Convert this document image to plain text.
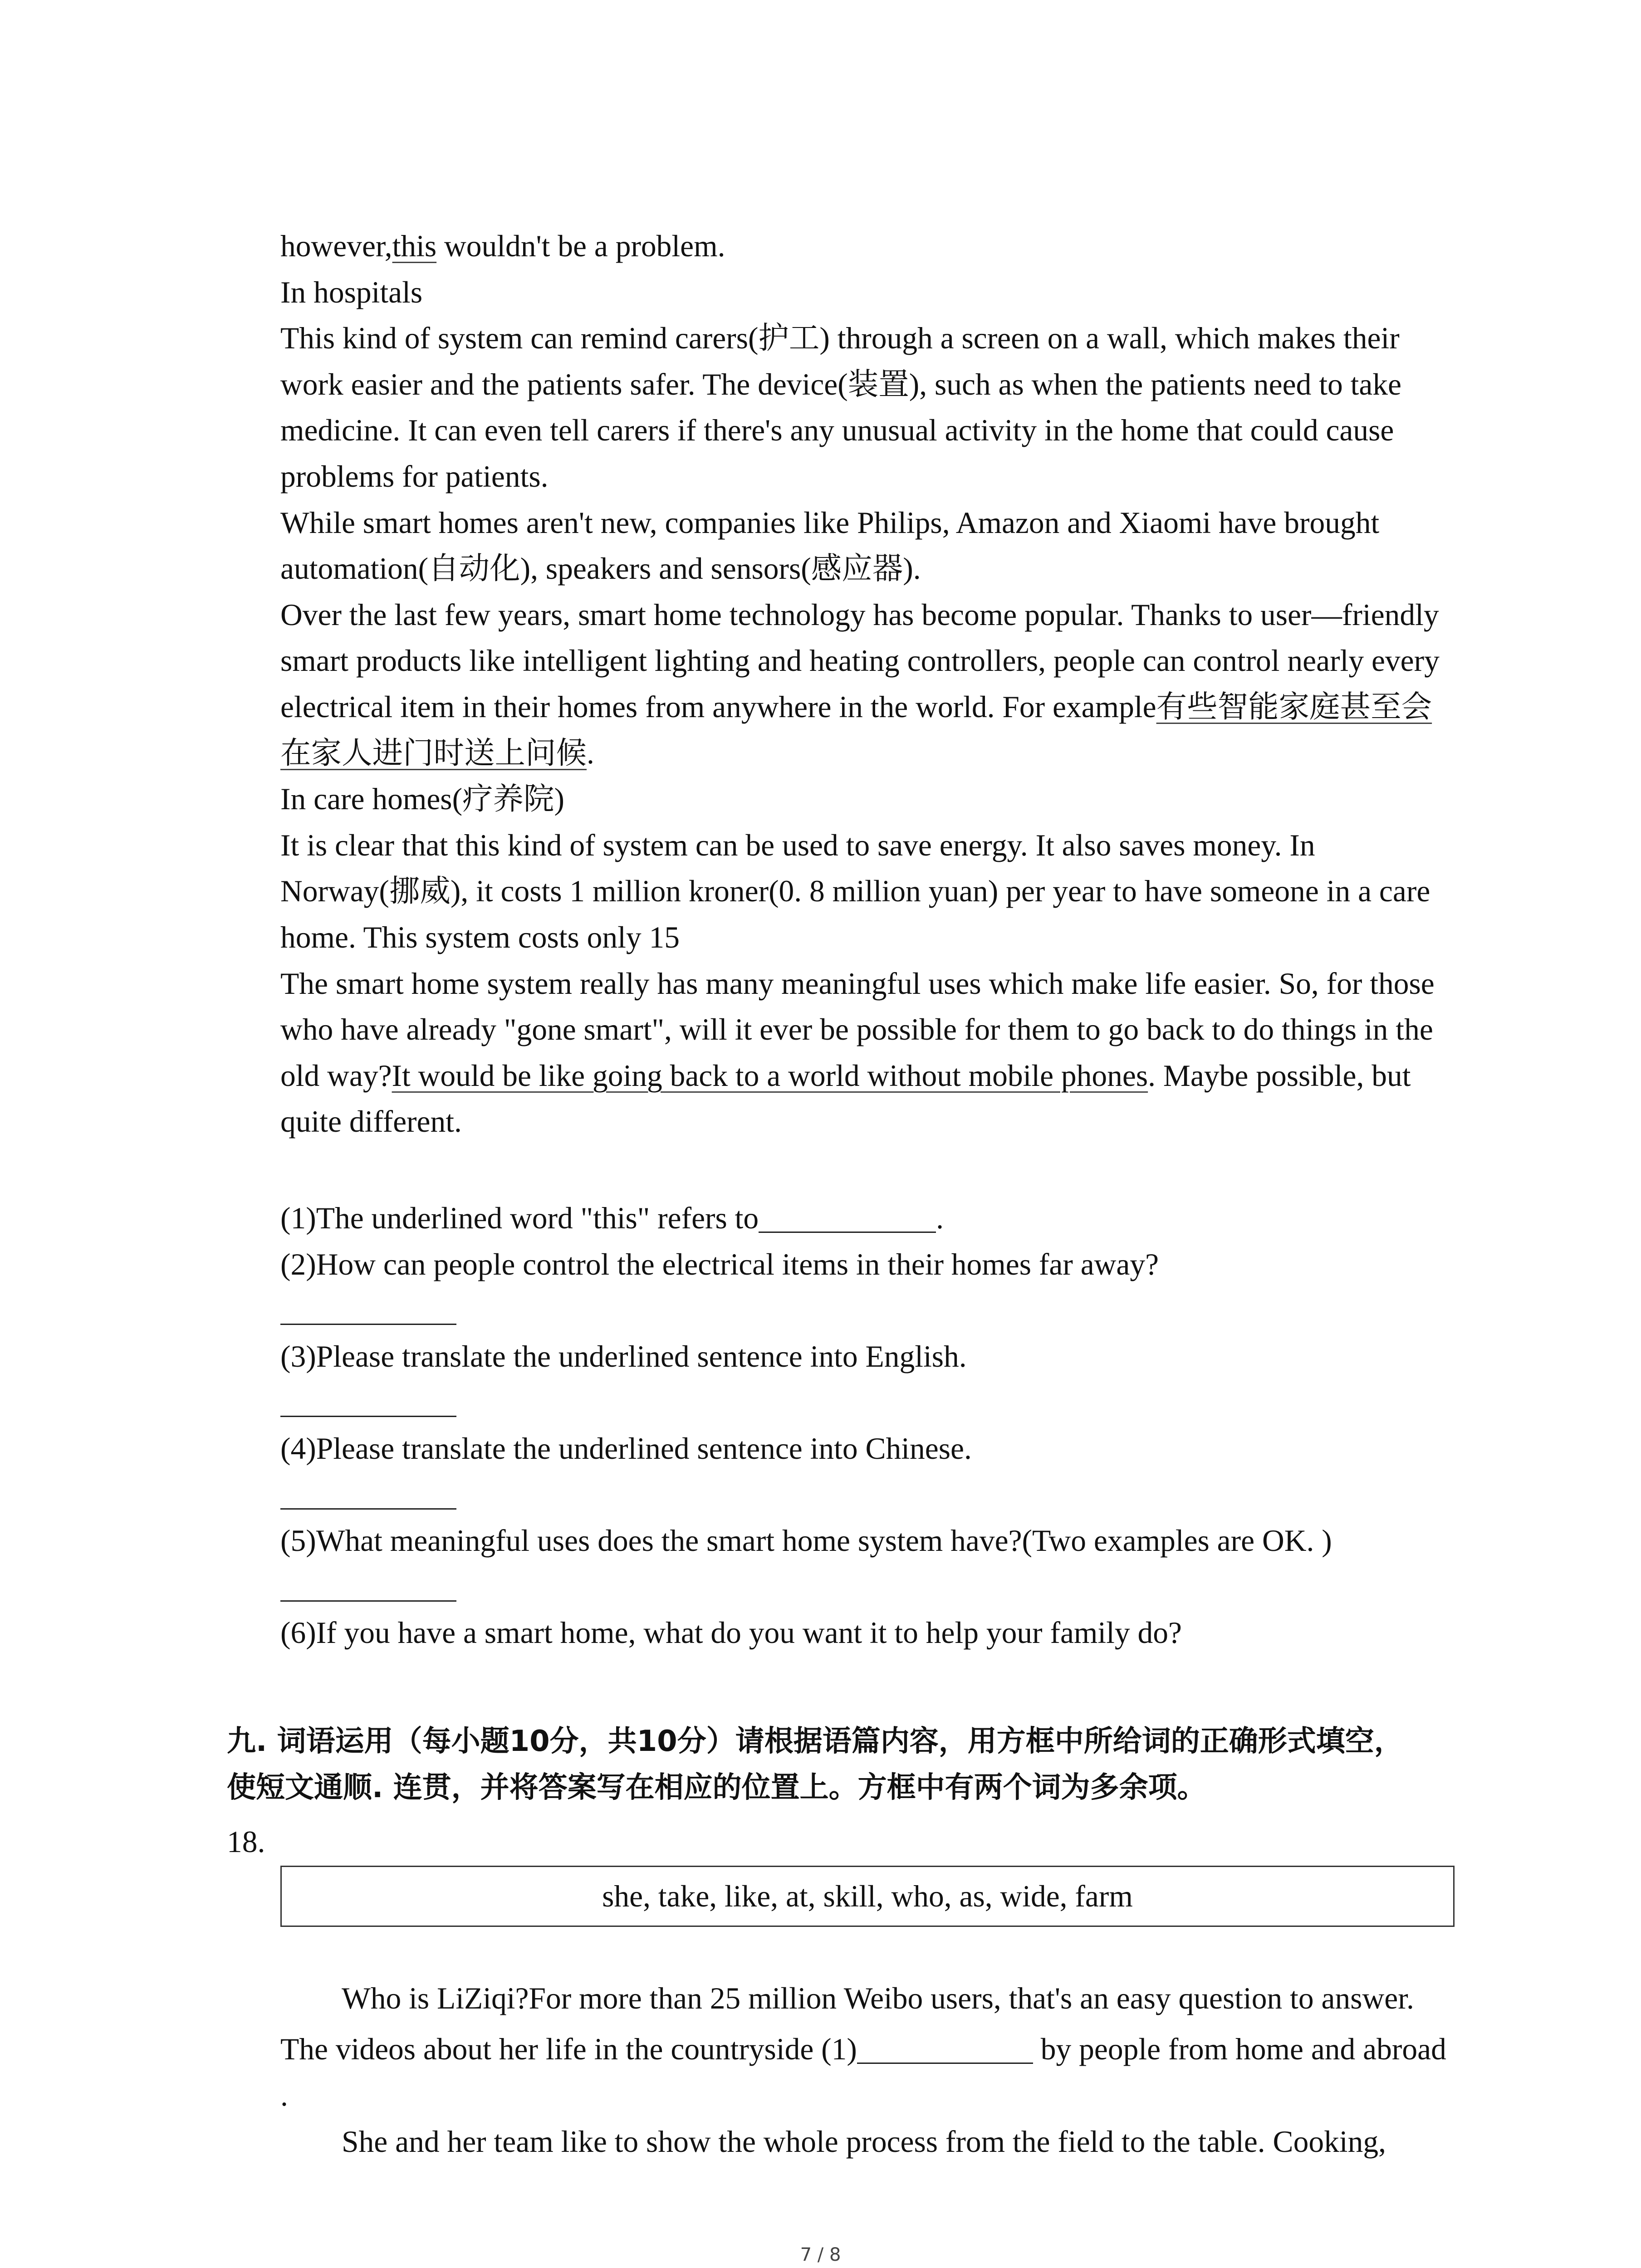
however,this wouldn't be a problem.
In hospitals
This kind of system can remind carers(护工) through a screen on a wall, which makes their
work easier and the patients safer. The device(装置), such as when the patients need to take
medicine. It can even tell carers if there's any unusual activity in the home that could cause
problems for patients.
While smart homes aren't new, companies like Philips, Amazon and Xiaomi have brought
automation(自动化), speakers and sensors(感应器).
Over the last few years, smart home technology has become popular. Thanks to user—friendly
smart products like intelligent lighting and heating controllers, people can control nearly every
electrical item in their homes from anywhere in the world. For example有些智能家庭甚至会
在家人进门时送上问候.
In care homes(疗养院)
It is clear that this kind of system can be used to save energy. It also saves money. In
Norway(挪威), it costs 1 million kroner(0. 8 million yuan) per year to have someone in a care
home. This system costs only 15
The smart home system really has many meaningful uses which make life easier. So, for those
who have already "gone smart", will it ever be possible for them to go back to do things in the
old way?It would be like going back to a world without mobile phones. Maybe possible, but
quite different.
(1)The underlined word "this" refers to	.
(2)How can people control the electrical items in their homes far away?
(3)Please translate the underlined sentence into English.
(4)Please translate the underlined sentence into Chinese.
(5)What meaningful uses does the smart home system have?(Two examples are OK. )
(6)If you have a smart home, what do you want it to help your family do?
九. 词语运用（每小题10分，共10分）请根据语篇内容，用方框中所给词的正确形式填空，
使短文通顺. 连贯，并将答案写在相应的位置上。方框中有两个词为多余项。
18.
she, take, like, at, skill, who, as, wide, farm
Who is LiZiqi?For more than 25 million Weibo users, that's an easy question to answer.
The videos about her life in the countryside (1)	by people from home and abroad
.
She and her team like to show the whole process from the field to the table. Cooking,
7 / 8
